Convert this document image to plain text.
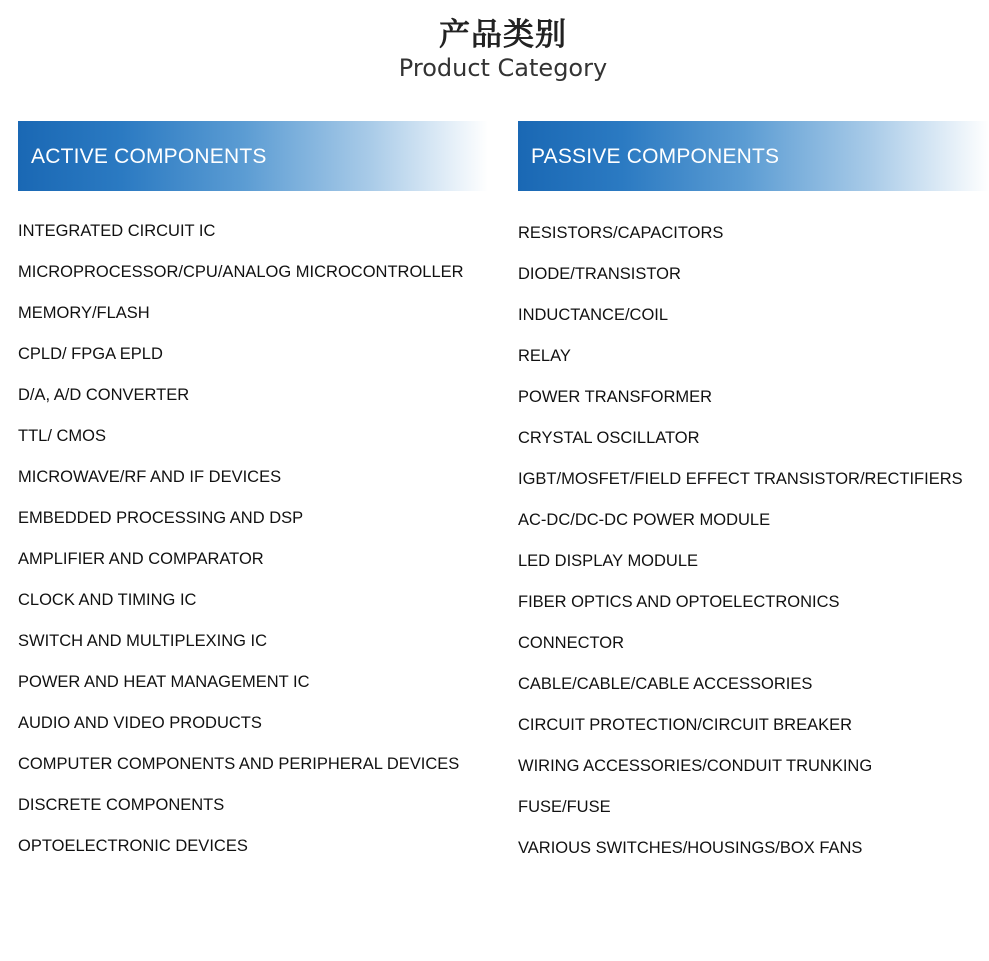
产品类别
Product Category
ACTIVE COMPONENTS
INTEGRATED CIRCUIT IC
MICROPROCESSOR/CPU/ANALOG MICROCONTROLLER
MEMORY/FLASH
CPLD/ FPGA EPLD
D/A, A/D CONVERTER
TTL/ CMOS
MICROWAVE/RF AND IF DEVICES
EMBEDDED PROCESSING AND DSP
AMPLIFIER AND COMPARATOR
CLOCK AND TIMING IC
SWITCH AND MULTIPLEXING IC
POWER AND HEAT MANAGEMENT IC
AUDIO AND VIDEO PRODUCTS
COMPUTER COMPONENTS AND PERIPHERAL DEVICES
DISCRETE COMPONENTS
OPTOELECTRONIC DEVICES
PASSIVE COMPONENTS
RESISTORS/CAPACITORS
DIODE/TRANSISTOR
INDUCTANCE/COIL
RELAY
POWER TRANSFORMER
CRYSTAL OSCILLATOR
IGBT/MOSFET/FIELD EFFECT TRANSISTOR/RECTIFIERS
AC-DC/DC-DC POWER MODULE
LED DISPLAY MODULE
FIBER OPTICS AND OPTOELECTRONICS
CONNECTOR
CABLE/CABLE/CABLE ACCESSORIES
CIRCUIT PROTECTION/CIRCUIT BREAKER
WIRING ACCESSORIES/CONDUIT TRUNKING
FUSE/FUSE
VARIOUS SWITCHES/HOUSINGS/BOX FANS
